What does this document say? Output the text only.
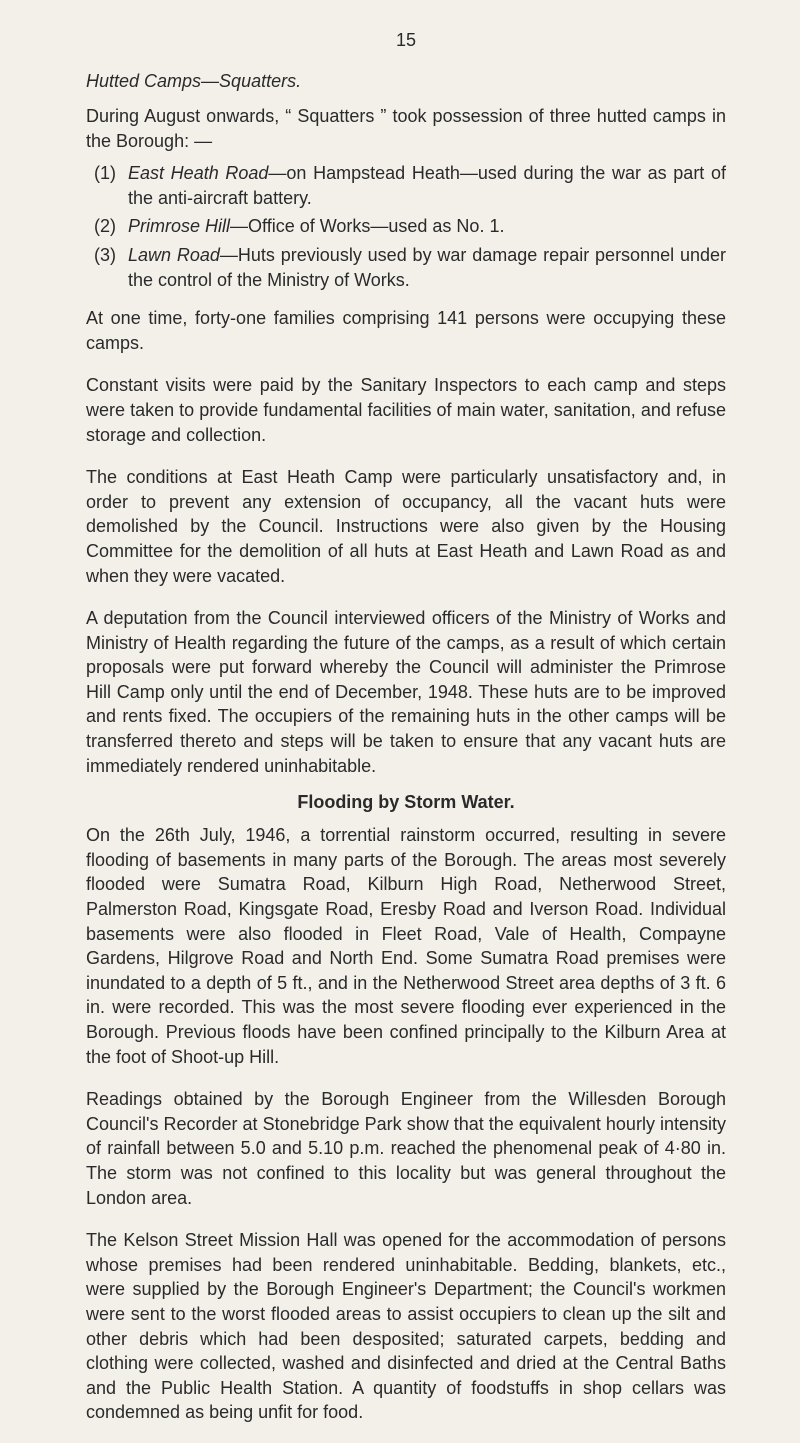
15
Hutted Camps—Squatters.

During August onwards, “ Squatters ” took possession of three hutted camps in the Borough: —

(1) East Heath Road—on Hampstead Heath—used during the war as part of the anti-aircraft battery.
(2) Primrose Hill—Office of Works—used as No. 1.
(3) Lawn Road—Huts previously used by war damage repair personnel under the control of the Ministry of Works.

At one time, forty-one families comprising 141 persons were occupying these camps.

Constant visits were paid by the Sanitary Inspectors to each camp and steps were taken to provide fundamental facilities of main water, sanitation, and refuse storage and collection.

The conditions at East Heath Camp were particularly unsatisfactory and, in order to prevent any extension of occupancy, all the vacant huts were demolished by the Council. Instructions were also given by the Housing Committee for the demolition of all huts at East Heath and Lawn Road as and when they were vacated.

A deputation from the Council interviewed officers of the Ministry of Works and Ministry of Health regarding the future of the camps, as a result of which certain proposals were put forward whereby the Council will administer the Primrose Hill Camp only until the end of December, 1948. These huts are to be improved and rents fixed. The occupiers of the remaining huts in the other camps will be transferred thereto and steps will be taken to ensure that any vacant huts are immediately rendered uninhabitable.

Flooding by Storm Water.

On the 26th July, 1946, a torrential rainstorm occurred, resulting in severe flooding of basements in many parts of the Borough. The areas most severely flooded were Sumatra Road, Kilburn High Road, Netherwood Street, Palmerston Road, Kingsgate Road, Eresby Road and Iverson Road. Individual basements were also flooded in Fleet Road, Vale of Health, Compayne Gardens, Hilgrove Road and North End. Some Sumatra Road premises were inundated to a depth of 5 ft., and in the Netherwood Street area depths of 3 ft. 6 in. were recorded. This was the most severe flooding ever experienced in the Borough. Previous floods have been confined principally to the Kilburn Area at the foot of Shoot-up Hill.

Readings obtained by the Borough Engineer from the Willesden Borough Council's Recorder at Stonebridge Park show that the equivalent hourly intensity of rainfall between 5.0 and 5.10 p.m. reached the phenomenal peak of 4·80 in. The storm was not confined to this locality but was general throughout the London area.

The Kelson Street Mission Hall was opened for the accommodation of persons whose premises had been rendered uninhabitable. Bedding, blankets, etc., were supplied by the Borough Engineer's Department; the Council's workmen were sent to the worst flooded areas to assist occupiers to clean up the silt and other debris which had been desposited; saturated carpets, bedding and clothing were collected, washed and disinfected and dried at the Central Baths and the Public Health Station. A quantity of foodstuffs in shop cellars was condemned as being unfit for food.
